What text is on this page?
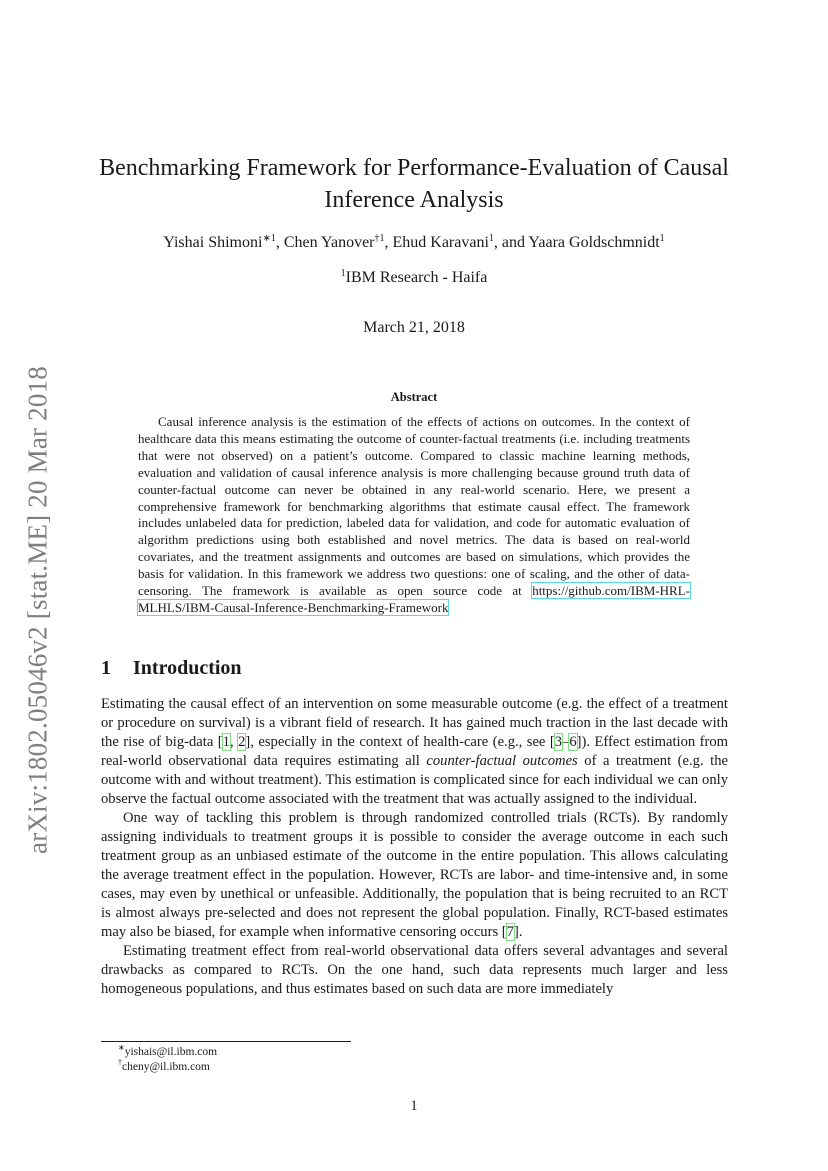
arXiv:1802.05046v2 [stat.ME] 20 Mar 2018
Benchmarking Framework for Performance-Evaluation of Causal Inference Analysis
Yishai Shimoni$^{∗1}$, Chen Yanover$^{\dagger 1}$, Ehud Karavani$^1$, and Yaara Goldschmnidt$^1$
$^1$IBM Research - Haifa
March 21, 2018
Abstract

Causal inference analysis is the estimation of the effects of actions on outcomes. In the context of healthcare data this means estimating the outcome of counter-factual treatments (i.e. including treatments that were not observed) on a patient’s outcome. Compared to classic machine learning methods, evaluation and validation of causal inference analysis is more challenging because ground truth data of counter-factual outcome can never be obtained in any real-world scenario. Here, we present a comprehensive framework for benchmarking algorithms that estimate causal effect. The framework includes unlabeled data for prediction, labeled data for validation, and code for automatic evaluation of algorithm predictions using both established and novel metrics. The data is based on real-world covariates, and the treatment assignments and outcomes are based on simulations, which provides the basis for validation. In this framework we address two questions: one of scaling, and the other of data-censoring. The framework is available as open source code at https://github.com/IBM-HRL-MLHLS/IBM-Causal-Inference-Benchmarking-Framework

1 Introduction

Estimating the causal effect of an intervention on some measurable outcome (e.g. the effect of a treatment or procedure on survival) is a vibrant field of research. It has gained much traction in the last decade with the rise of big-data [1, 2], especially in the context of health-care (e.g., see [3–6]). Effect estimation from real-world observational data requires estimating all counter-factual outcomes of a treatment (e.g. the outcome with and without treatment). This estimation is complicated since for each individual we can only observe the factual outcome associated with the treatment that was actually assigned to the individual.

One way of tackling this problem is through randomized controlled trials (RCTs). By randomly assigning individuals to treatment groups it is possible to consider the average outcome in each such treatment group as an unbiased estimate of the outcome in the entire population. This allows calculating the average treatment effect in the population. However, RCTs are labor- and time-intensive and, in some cases, may even by unethical or unfeasible. Additionally, the population that is being recruited to an RCT is almost always pre-selected and does not represent the global population. Finally, RCT-based estimates may also be biased, for example when informative censoring occurs [7].

Estimating treatment effect from real-world observational data offers several advantages and several drawbacks as compared to RCTs. On the one hand, such data represents much larger and less homogeneous populations, and thus estimates based on such data are more immediately

∗yishais@il.ibm.com
†cheny@il.ibm.com
1
